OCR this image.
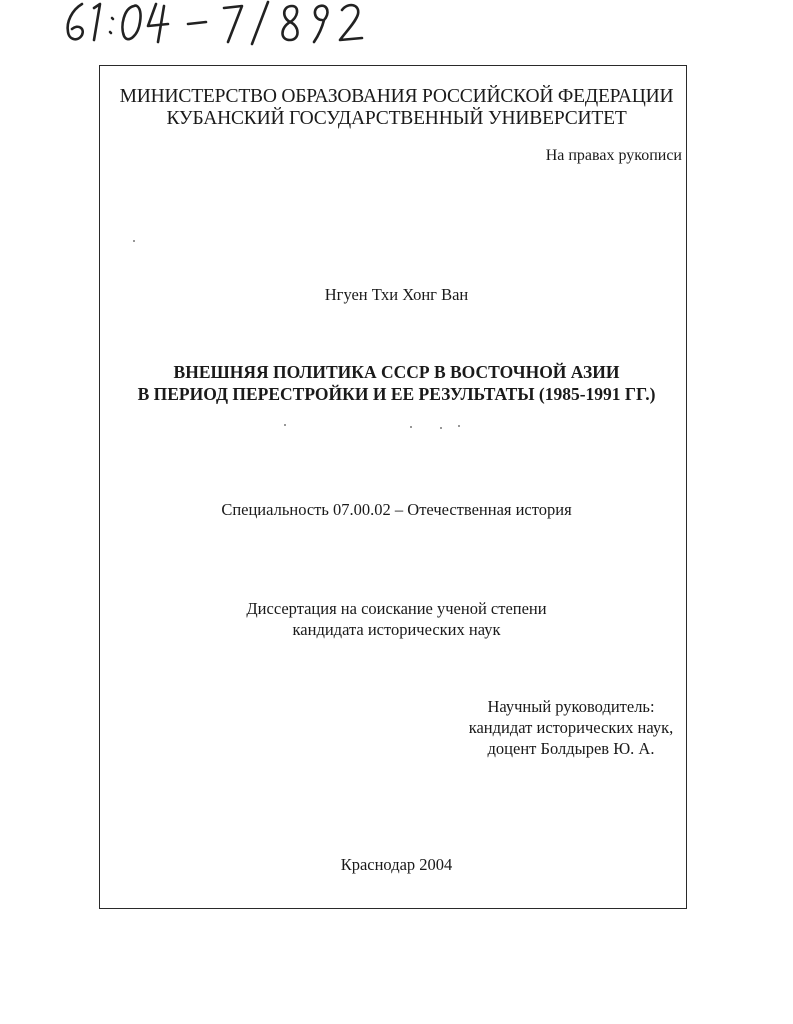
МИНИСТЕРСТВО ОБРАЗОВАНИЯ РОССИЙСКОЙ ФЕДЕРАЦИИ
КУБАНСКИЙ ГОСУДАРСТВЕННЫЙ УНИВЕРСИТЕТ
На правах рукописи
Нгуен Тхи Хонг Ван
ВНЕШНЯЯ ПОЛИТИКА СССР В ВОСТОЧНОЙ АЗИИ
В ПЕРИОД ПЕРЕСТРОЙКИ И ЕЕ РЕЗУЛЬТАТЫ (1985-1991 ГГ.)
Специальность 07.00.02 – Отечественная история
Диссертация на соискание ученой степени
кандидата исторических наук
Научный руководитель:
кандидат исторических наук,
доцент Болдырев Ю. А.
Краснодар 2004
